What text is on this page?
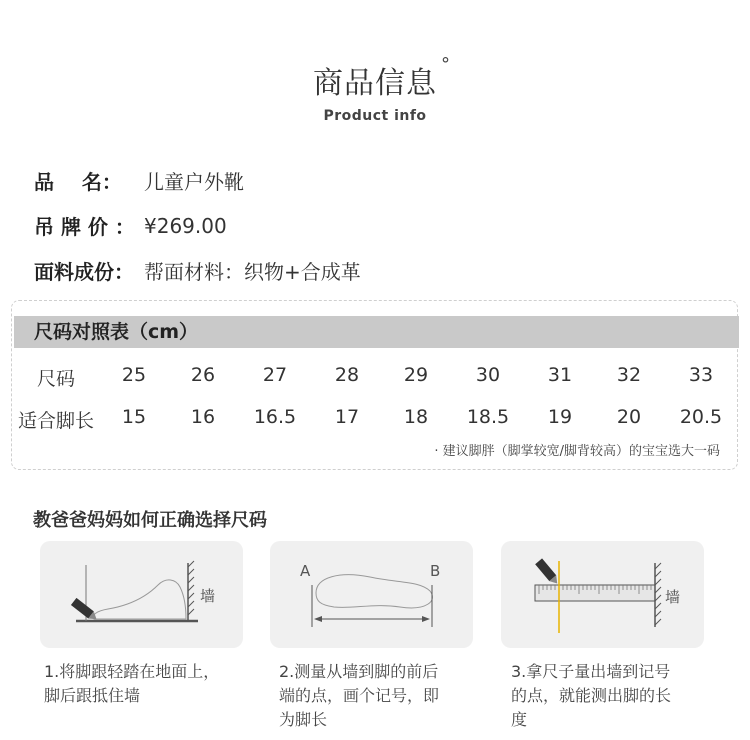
商品信息
°
Product info
品    名：	儿童户外靴
吊 牌 价 ： ¥269.00
面料成份： 帮面材料：织物+合成革
尺码对照表（cm）
尺码 25 26	27	28 29	30	31 32	33
适合脚长 15 16 16.5 17 18 18.5 19 20 20.5
· 建议脚胖（脚掌较宽/脚背较高）的宝宝选大一码
教爸爸妈妈如何正确选择尺码
墙
A	B
墙
1.将脚跟轻踏在地面上，
脚后跟抵住墙
2.测量从墙到脚的前后
端的点，画个记号，即
为脚长
3.拿尺子量出墙到记号
的点，就能测出脚的长
度
